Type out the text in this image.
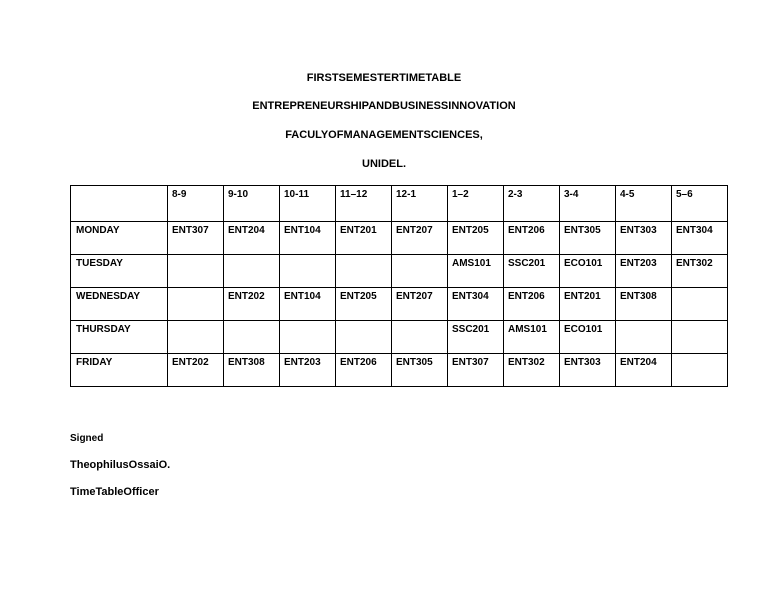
FIRSTSEMESTERTIMETABLE
ENTREPRENEURSHIPANDBUSINESSINNOVATION
FACULYOFMANAGEMENTSCIENCES,
UNIDEL.
	8-9	9-10	10-11	11–12	12-1	1–2	2-3	3-4	4-5	5–6
MONDAY	ENT307	ENT204	ENT104	ENT201	ENT207	ENT205	ENT206	ENT305	ENT303	ENT304
TUESDAY						AMS101	SSC201	ECO101	ENT203	ENT302
WEDNESDAY		ENT202	ENT104	ENT205	ENT207	ENT304	ENT206	ENT201	ENT308	
THURSDAY						SSC201	AMS101	ECO101		
FRIDAY	ENT202	ENT308	ENT203	ENT206	ENT305	ENT307	ENT302	ENT303	ENT204	
Signed
TheophilusOssaiO.
TimeTableOfficer
